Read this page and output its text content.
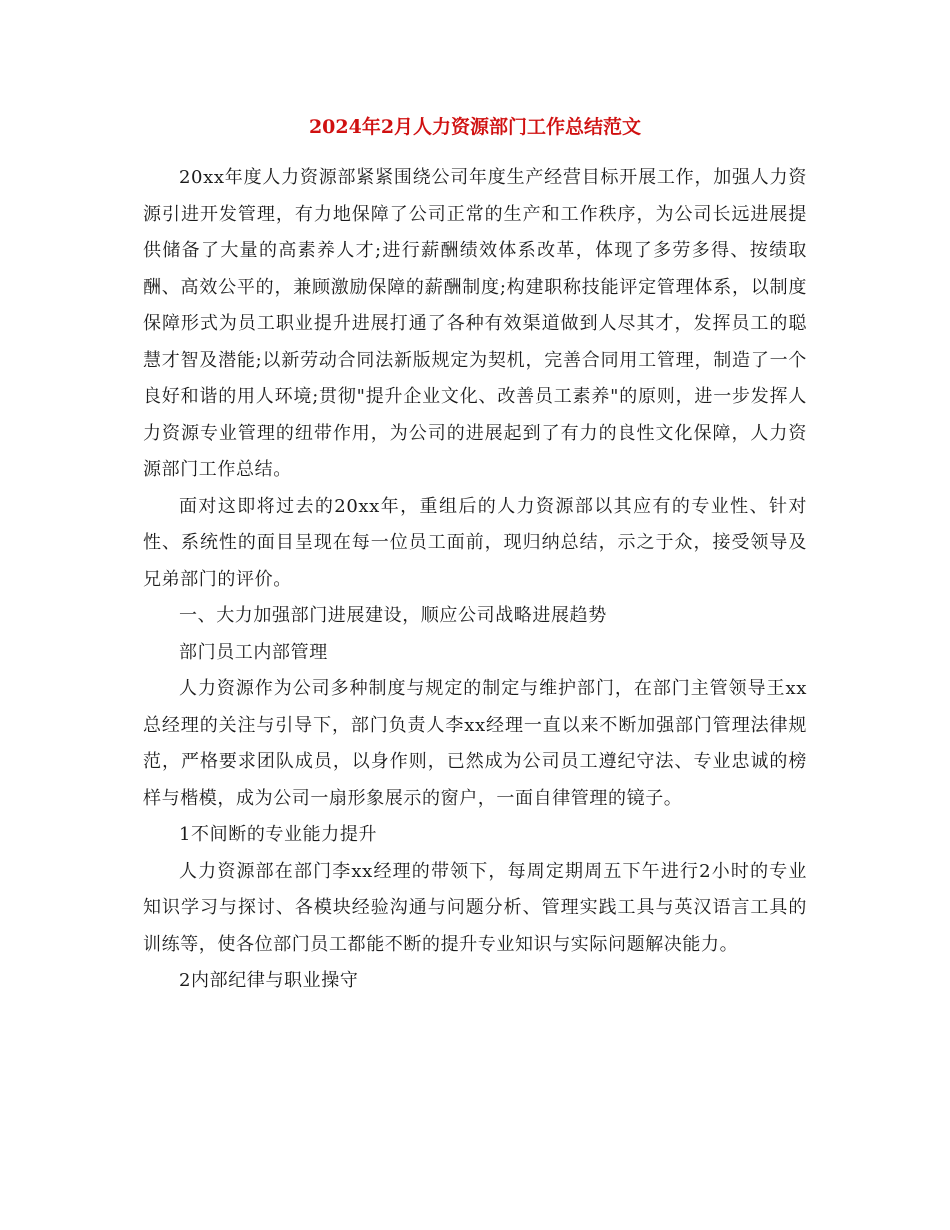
2024年2月人力资源部门工作总结范文

20xx年度人力资源部紧紧围绕公司年度生产经营目标开展工作，加强人力资源引进开发管理，有力地保障了公司正常的生产和工作秩序，为公司长远进展提供储备了大量的高素养人才;进行薪酬绩效体系改革，体现了多劳多得、按绩取酬、高效公平的，兼顾激励保障的薪酬制度;构建职称技能评定管理体系，以制度保障形式为员工职业提升进展打通了各种有效渠道做到人尽其才，发挥员工的聪慧才智及潜能;以新劳动合同法新版规定为契机，完善合同用工管理，制造了一个良好和谐的用人环境;贯彻"提升企业文化、改善员工素养"的原则，进一步发挥人力资源专业管理的纽带作用，为公司的进展起到了有力的良性文化保障，人力资源部门工作总结。

面对这即将过去的20xx年，重组后的人力资源部以其应有的专业性、针对性、系统性的面目呈现在每一位员工面前，现归纳总结，示之于众，接受领导及兄弟部门的评价。

一、大力加强部门进展建设，顺应公司战略进展趋势

部门员工内部管理

人力资源作为公司多种制度与规定的制定与维护部门，在部门主管领导王xx总经理的关注与引导下，部门负责人李xx经理一直以来不断加强部门管理法律规范，严格要求团队成员，以身作则，已然成为公司员工遵纪守法、专业忠诚的榜样与楷模，成为公司一扇形象展示的窗户，一面自律管理的镜子。

1不间断的专业能力提升

人力资源部在部门李xx经理的带领下，每周定期周五下午进行2小时的专业知识学习与探讨、各模块经验沟通与问题分析、管理实践工具与英汉语言工具的训练等，使各位部门员工都能不断的提升专业知识与实际问题解决能力。

2内部纪律与职业操守
